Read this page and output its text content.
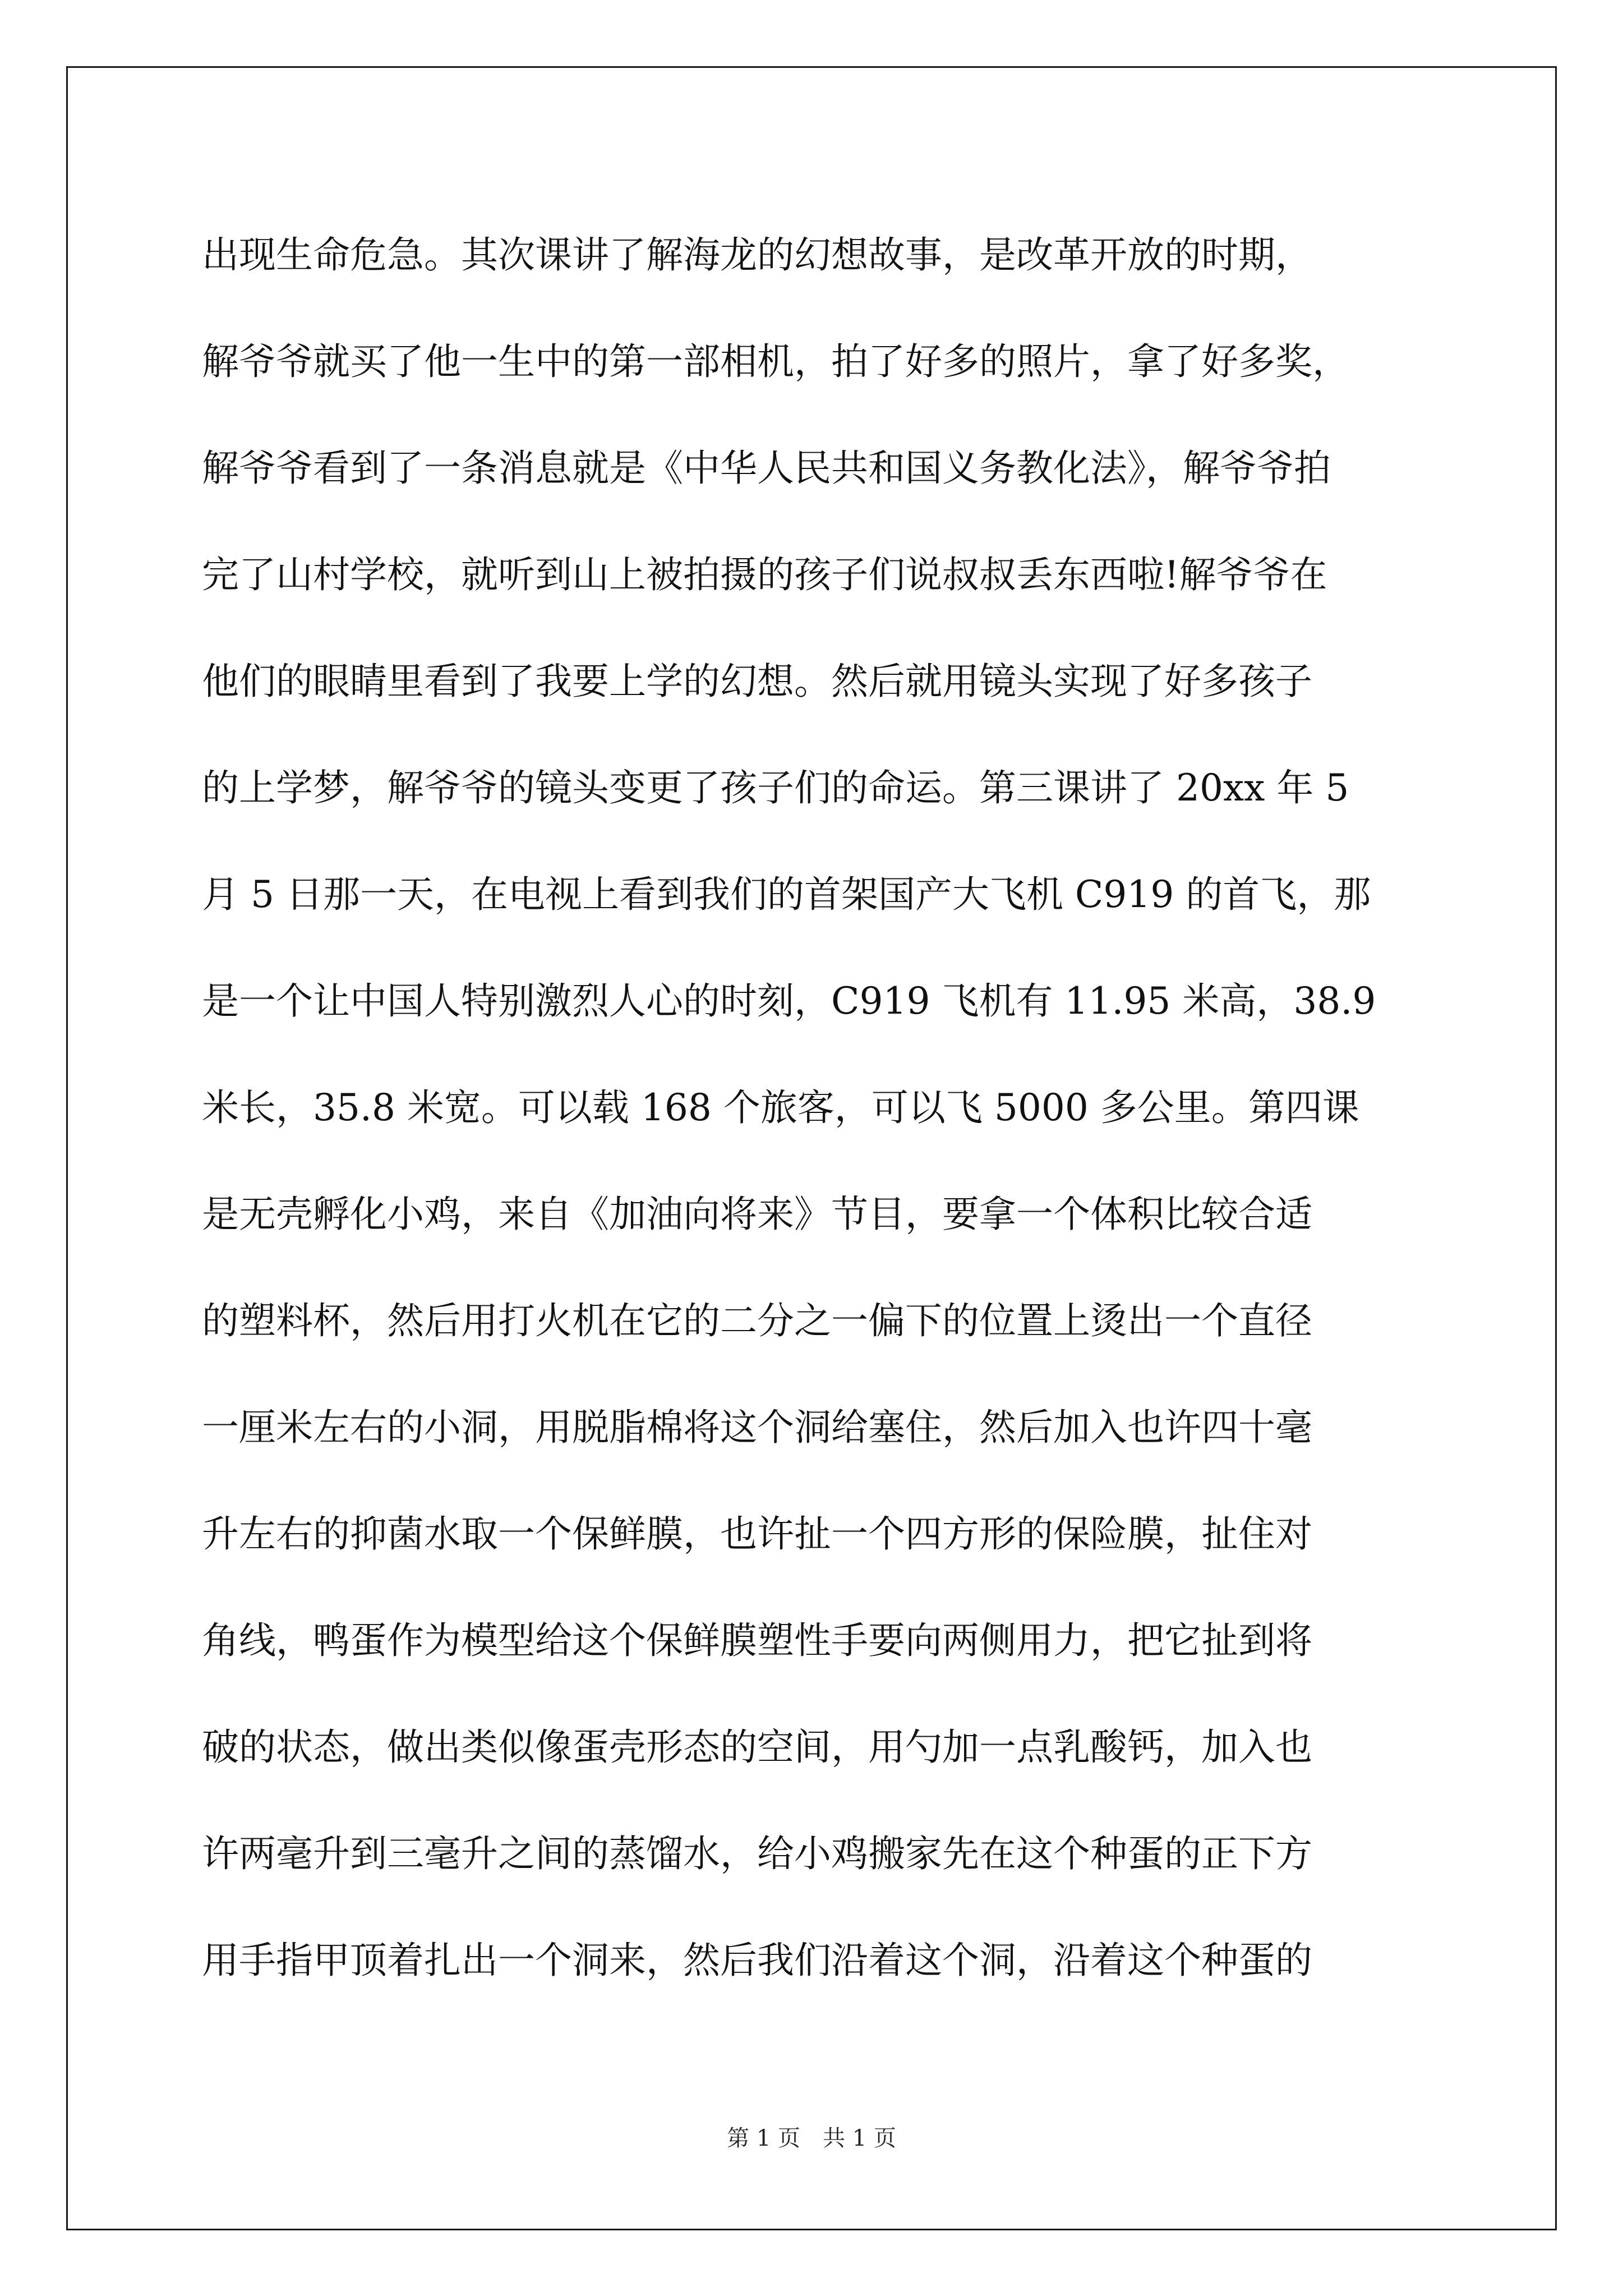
出现生命危急。其次课讲了解海龙的幻想故事，是改革开放的时期，
解爷爷就买了他一生中的第一部相机，拍了好多的照片，拿了好多奖，
解爷爷看到了一条消息就是《中华人民共和国义务教化法》，解爷爷拍
完了山村学校，就听到山上被拍摄的孩子们说叔叔丢东西啦!解爷爷在
他们的眼睛里看到了我要上学的幻想。然后就用镜头实现了好多孩子
的上学梦，解爷爷的镜头变更了孩子们的命运。第三课讲了 20xx 年 5
月 5 日那一天，在电视上看到我们的首架国产大飞机 C919 的首飞，那
是一个让中国人特别激烈人心的时刻，C919 飞机有 11.95 米高，38.9
米长，35.8 米宽。可以载 168 个旅客，可以飞 5000 多公里。第四课
是无壳孵化小鸡，来自《加油向将来》节目，要拿一个体积比较合适
的塑料杯，然后用打火机在它的二分之一偏下的位置上烫出一个直径
一厘米左右的小洞，用脱脂棉将这个洞给塞住，然后加入也许四十毫
升左右的抑菌水取一个保鲜膜，也许扯一个四方形的保险膜，扯住对
角线，鸭蛋作为模型给这个保鲜膜塑性手要向两侧用力，把它扯到将
破的状态，做出类似像蛋壳形态的空间，用勺加一点乳酸钙，加入也
许两毫升到三毫升之间的蒸馏水，给小鸡搬家先在这个种蛋的正下方
用手指甲顶着扎出一个洞来，然后我们沿着这个洞，沿着这个种蛋的
第 1 页　共 1 页
